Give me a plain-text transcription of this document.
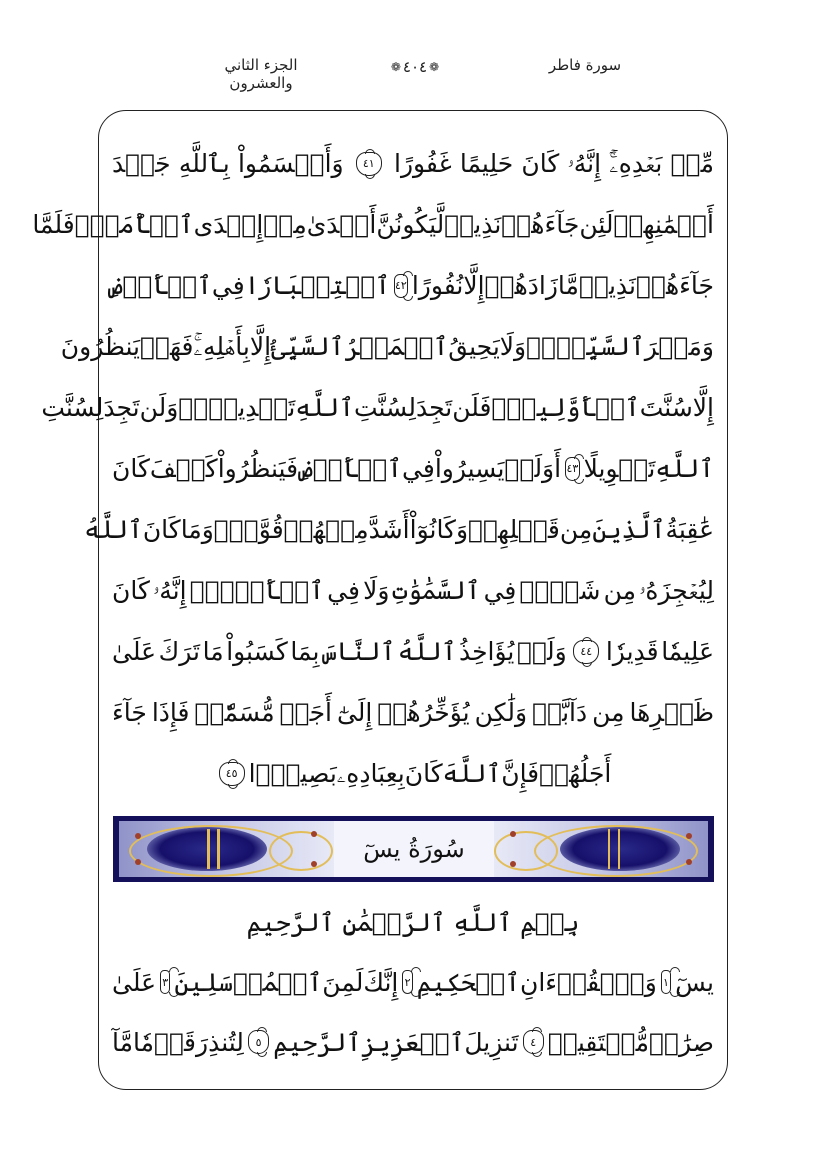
الجزء الثاني والعشرون
❁
٤٠٤
❁	سورة فاطر
مِّنۢ
بَعۡدِهِۦٓۚ
إِنَّهُۥ
كَانَ
حَلِيمًا
غَفُورًا
٤١
وَأَقۡسَمُواْ
بِٱللَّهِ
جَهۡدَ
أَيۡمَٰنِهِمۡ
لَئِن
جَآءَهُمۡ
نَذِيرٞ
لَّيَكُونُنَّ
أَهۡدَىٰ
مِنۡ
إِحۡدَى
ٱلۡأُمَمِۖ
فَلَمَّا
جَآءَهُمۡ
نَذِيرٞ
مَّا
زَادَهُمۡ
إِلَّا
نُفُورًا
٤٢
ٱسۡتِكۡبَارٗا
فِي
ٱلۡأَرۡضِ
وَمَكۡرَ
ٱلسَّيِّيِٕۚ
وَلَا
يَحِيقُ
ٱلۡمَكۡرُ
ٱلسَّيِّئُ
إِلَّا
بِأَهۡلِهِۦۚ
فَهَلۡ
يَنظُرُونَ
إِلَّا
سُنَّتَ
ٱلۡأَوَّلِينَۚ
فَلَن
تَجِدَ
لِسُنَّتِ
ٱللَّهِ
تَبۡدِيلٗاۖ
وَلَن
تَجِدَ
لِسُنَّتِ
ٱللَّهِ
تَحۡوِيلًا
٤٣
أَوَلَمۡ
يَسِيرُواْ
فِي
ٱلۡأَرۡضِ
فَيَنظُرُواْ
كَيۡفَ
كَانَ
عَٰقِبَةُ
ٱلَّذِينَ
مِن
قَبۡلِهِمۡ
وَكَانُوٓاْ
أَشَدَّ
مِنۡهُمۡ
قُوَّةٗۚ
وَمَا
كَانَ
ٱللَّهُ
لِيُعۡجِزَهُۥ
مِن
شَيۡءٖ
فِي
ٱلسَّمَٰوَٰتِ
وَلَا
فِي
ٱلۡأَرۡضِۚ
إِنَّهُۥ
كَانَ
عَلِيمٗا
قَدِيرٗا
٤٤
وَلَوۡ
يُؤَاخِذُ
ٱللَّهُ
ٱلنَّاسَ
بِمَا
كَسَبُواْ
مَا
تَرَكَ
عَلَىٰ
ظَهۡرِهَا
مِن
دَآبَّةٖ
وَلَٰكِن
يُؤَخِّرُهُمۡ
إِلَىٰٓ
أَجَلٖ
مُّسَمّٗىۖ
فَإِذَا
جَآءَ
أَجَلُهُمۡ
فَإِنَّ
ٱللَّهَ
كَانَ
بِعِبَادِهِۦ
بَصِيرَۢا
٤٥
سُورَةُ يسٓ
بِسۡمِ ٱللَّهِ ٱلرَّحۡمَٰنِ ٱلرَّحِيمِ
يسٓ
١
وَٱلۡقُرۡءَانِ
ٱلۡحَكِيمِ
٢
إِنَّكَ
لَمِنَ
ٱلۡمُرۡسَلِينَ
٣
عَلَىٰ
صِرَٰطٖ
مُّسۡتَقِيمٖ
٤
تَنزِيلَ
ٱلۡعَزِيزِ
ٱلرَّحِيمِ
٥
لِتُنذِرَ
قَوۡمٗا
مَّآ
